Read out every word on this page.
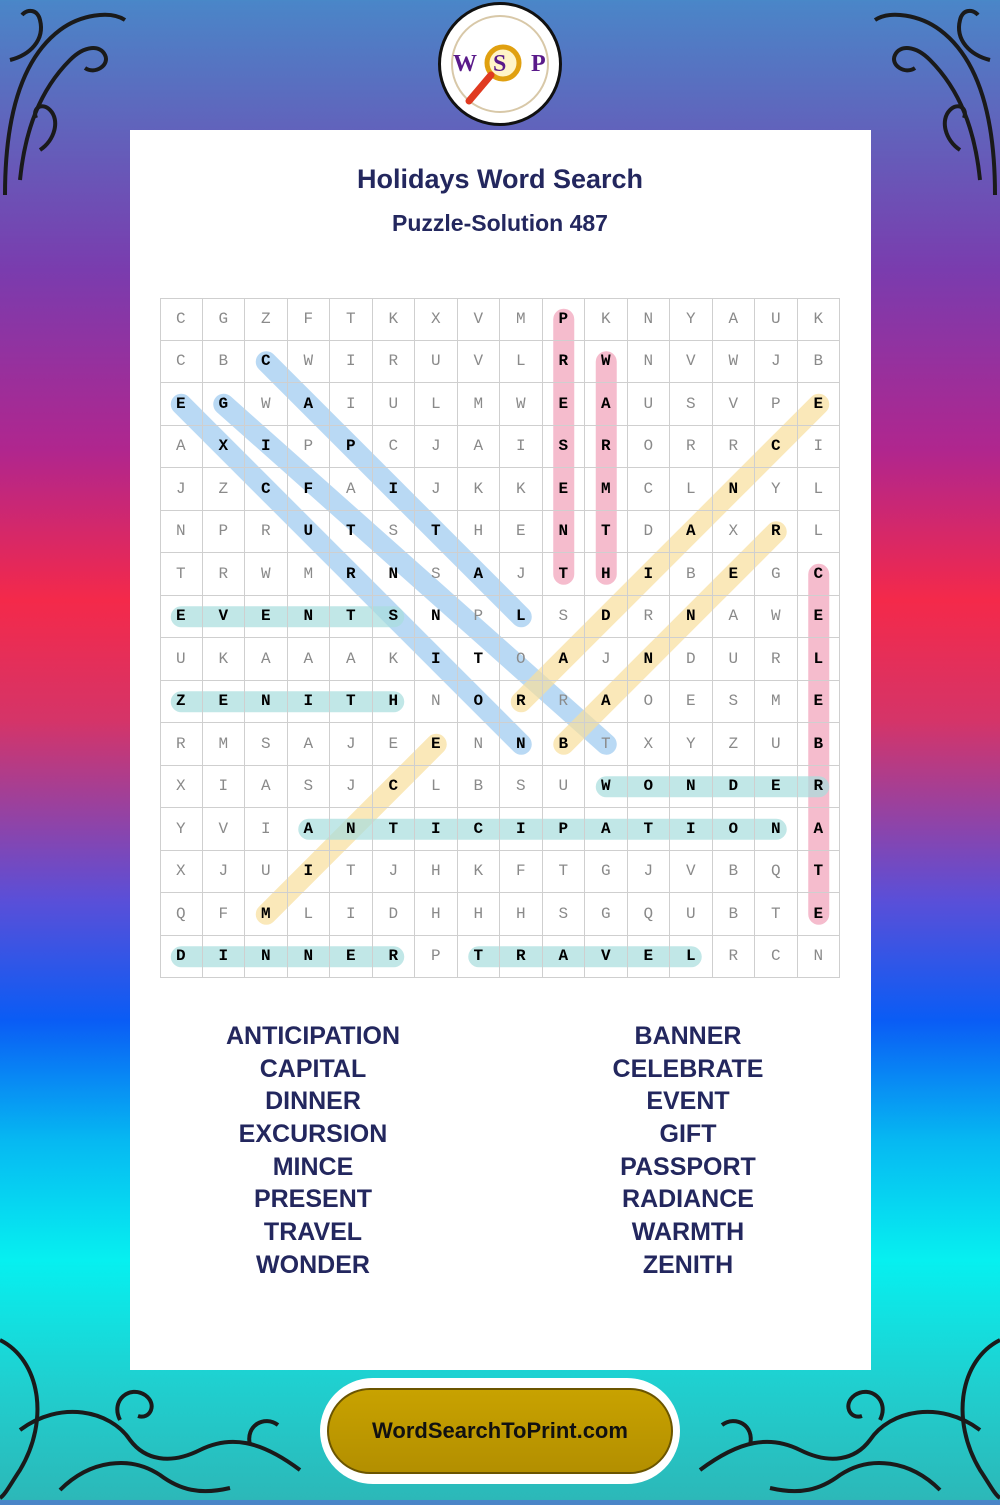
W S P
Holidays Word Search
Puzzle-Solution 487
C	G	Z	F	T	K	X	V	M	P	K	N	Y	A	U	K
C	B	C	W	I	R	U	V	L	R	W	N	V	W	J	B
E	G	W	A	I	U	L	M	W	E	A	U	S	V	P	E
A	X	I	P	P	C	J	A	I	S	R	O	R	R	C	I
J	Z	C	F	A	I	J	K	K	E	M	C	L	N	Y	L
N	P	R	U	T	S	T	H	E	N	T	D	A	X	R	L
T	R	W	M	R	N	S	A	J	T	H	I	B	E	G	C
E	V	E	N	T	S	N	P	L	S	D	R	N	A	W	E
U	K	A	A	A	K	I	T	O	A	J	N	D	U	R	L
Z	E	N	I	T	H	N	O	R	R	A	O	E	S	M	E
R	M	S	A	J	E	E	N	N	B	T	X	Y	Z	U	B
X	I	A	S	J	C	L	B	S	U	W	O	N	D	E	R
Y	V	I	A	N	T	I	C	I	P	A	T	I	O	N	A
X	J	U	I	T	J	H	K	F	T	G	J	V	B	Q	T
Q	F	M	L	I	D	H	H	H	S	G	Q	U	B	T	E
D	I	N	N	E	R	P	T	R	A	V	E	L	R	C	N
ANTICIPATION
CAPITAL
DINNER
EXCURSION
MINCE
PRESENT
TRAVEL
WONDER
BANNER
CELEBRATE
EVENT
GIFT
PASSPORT
RADIANCE
WARMTH
ZENITH
WordSearchToPrint.com
